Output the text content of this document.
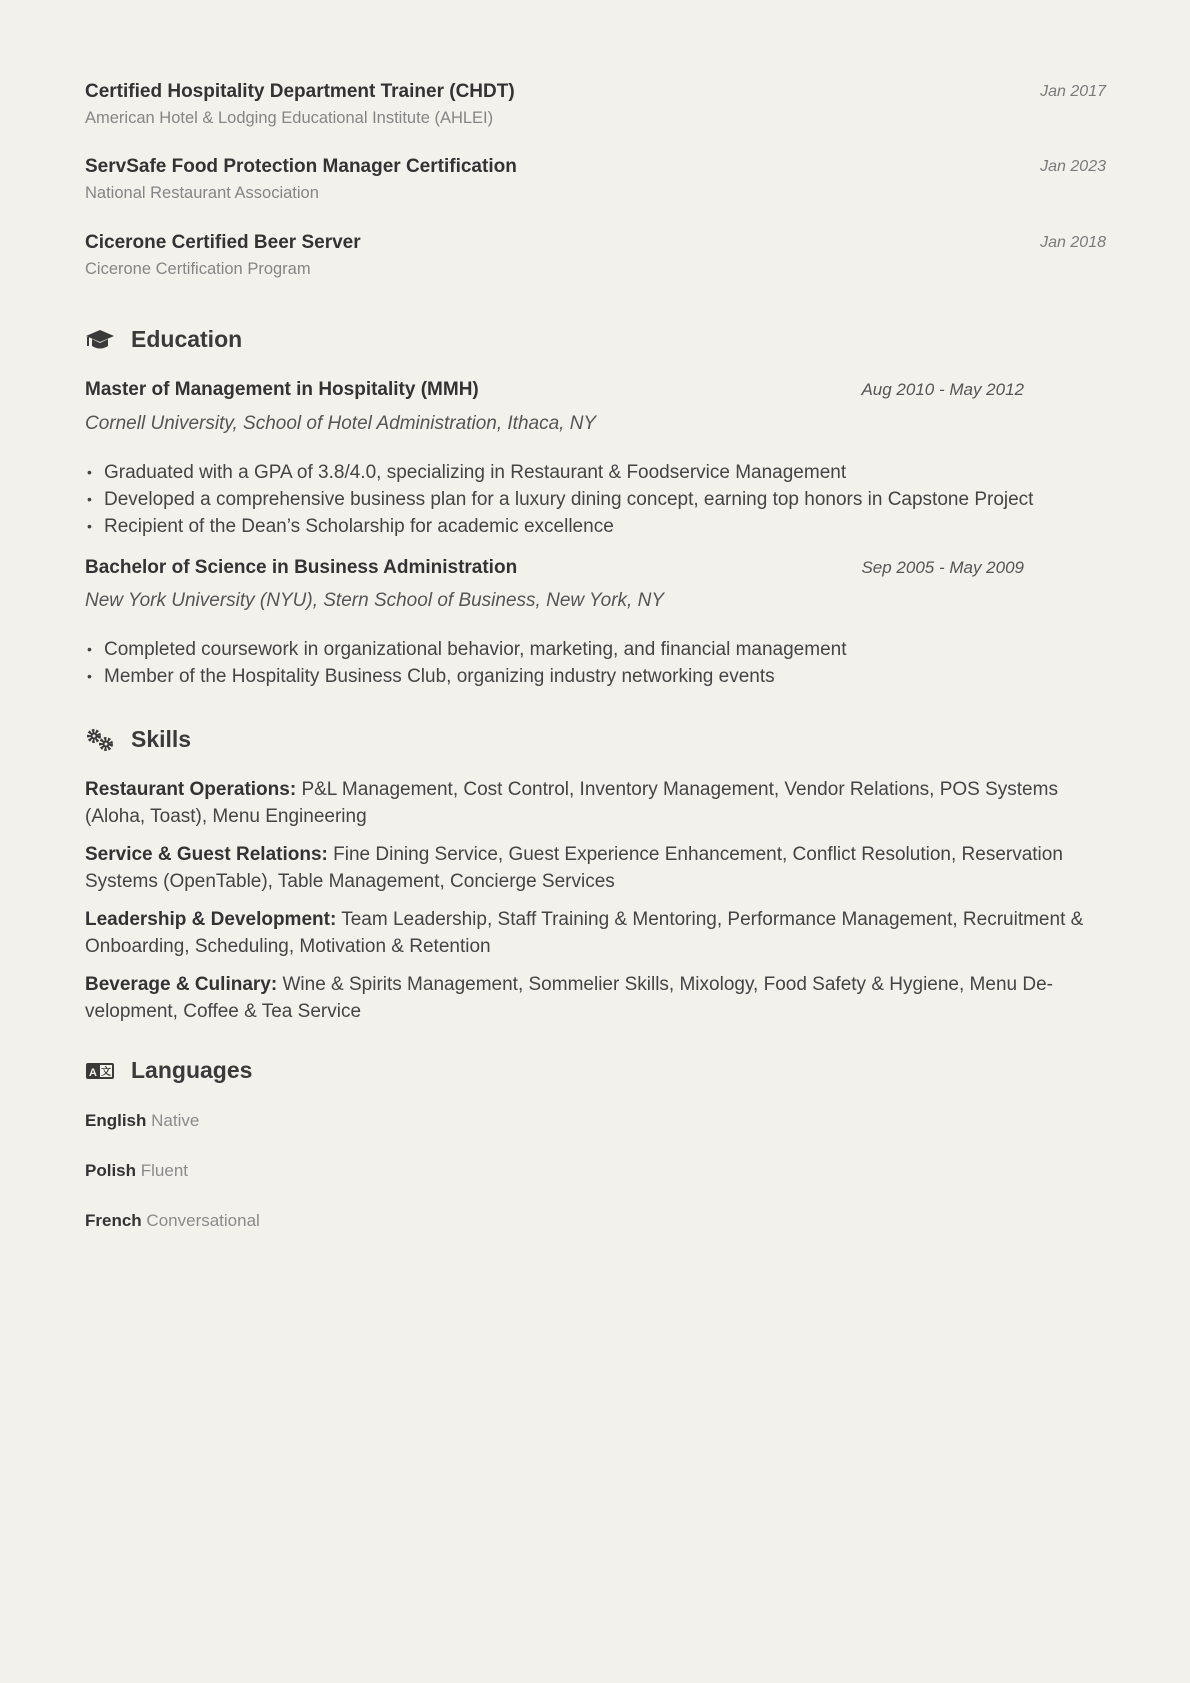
Certified Hospitality Department Trainer (CHDT)
American Hotel & Lodging Educational Institute (AHLEI)
Jan 2017
ServSafe Food Protection Manager Certification
National Restaurant Association
Jan 2023
Cicerone Certified Beer Server
Cicerone Certification Program
Jan 2018
Education
Master of Management in Hospitality (MMH)	Aug 2010 - May 2012
Cornell University, School of Hotel Administration, Ithaca, NY
• Graduated with a GPA of 3.8/4.0, specializing in Restaurant & Foodservice Management
• Developed a comprehensive business plan for a luxury dining concept, earning top honors in Capstone Project
• Recipient of the Dean’s Scholarship for academic excellence
Bachelor of Science in Business Administration	Sep 2005 - May 2009
New York University (NYU), Stern School of Business, New York, NY
• Completed coursework in organizational behavior, marketing, and financial management
• Member of the Hospitality Business Club, organizing industry networking events
Skills
Restaurant Operations: P&L Management, Cost Control, Inventory Management, Vendor Relations, POS Systems (Aloha, Toast), Menu Engineering
Service & Guest Relations: Fine Dining Service, Guest Experience Enhancement, Conflict Resolution, Reservation Systems (OpenTable), Table Management, Concierge Services
Leadership & Development: Team Leadership, Staff Training & Mentoring, Performance Management, Recruitment & Onboarding, Scheduling, Motivation & Retention
Beverage & Culinary: Wine & Spirits Management, Sommelier Skills, Mixology, Food Safety & Hygiene, Menu Development, Coffee & Tea Service
A 文 Languages
English Native
Polish Fluent
French Conversational
